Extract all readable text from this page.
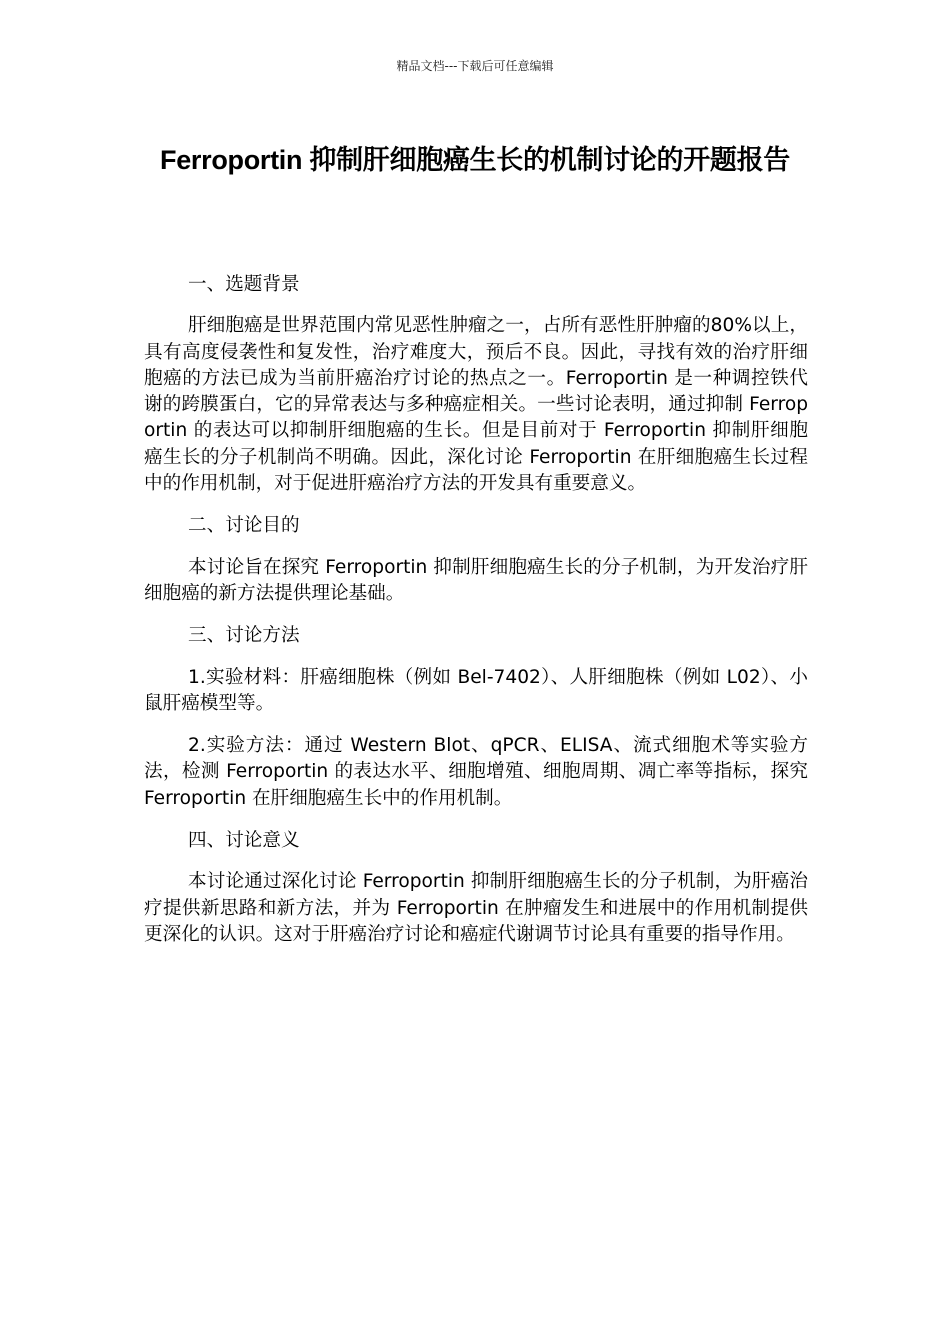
精品文档---下载后可任意编辑
Ferroportin 抑制肝细胞癌生长的机制讨论的开题报告

一、选题背景

肝细胞癌是世界范围内常见恶性肿瘤之一，占所有恶性肝肿瘤的80%以上，具有高度侵袭性和复发性，治疗难度大，预后不良。因此，寻找有效的治疗肝细胞癌的方法已成为当前肝癌治疗讨论的热点之一。Ferroportin 是一种调控铁代谢的跨膜蛋白，它的异常表达与多种癌症相关。一些讨论表明，通过抑制 Ferroportin 的表达可以抑制肝细胞癌的生长。但是目前对于 Ferroportin 抑制肝细胞癌生长的分子机制尚不明确。因此，深化讨论 Ferroportin 在肝细胞癌生长过程中的作用机制，对于促进肝癌治疗方法的开发具有重要意义。

二、讨论目的

本讨论旨在探究 Ferroportin 抑制肝细胞癌生长的分子机制，为开发治疗肝细胞癌的新方法提供理论基础。

三、讨论方法

1.实验材料：肝癌细胞株（例如 Bel-7402）、人肝细胞株（例如 L02）、小鼠肝癌模型等。

2.实验方法：通过 Western Blot、qPCR、ELISA、流式细胞术等实验方法，检测 Ferroportin 的表达水平、细胞增殖、细胞周期、凋亡率等指标，探究 Ferroportin 在肝细胞癌生长中的作用机制。

四、讨论意义

本讨论通过深化讨论 Ferroportin 抑制肝细胞癌生长的分子机制，为肝癌治疗提供新思路和新方法，并为 Ferroportin 在肿瘤发生和进展中的作用机制提供更深化的认识。这对于肝癌治疗讨论和癌症代谢调节讨论具有重要的指导作用。
